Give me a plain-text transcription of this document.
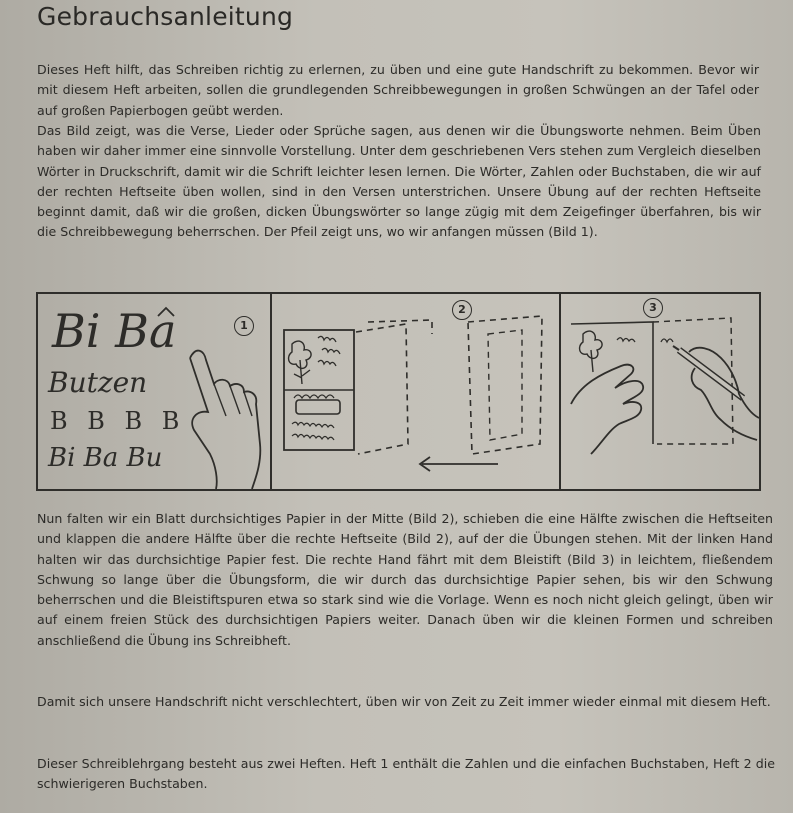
Gebrauchsanleitung

Dieses Heft hilft, das Schreiben richtig zu erlernen, zu üben und eine gute Handschrift zu bekommen. Bevor wir mit diesem Heft arbeiten, sollen die grundlegenden Schreibbewegungen in großen Schwüngen an der Tafel oder auf großen Papierbogen geübt werden.

Das Bild zeigt, was die Verse, Lieder oder Sprüche sagen, aus denen wir die Übungsworte nehmen. Beim Üben haben wir daher immer eine sinnvolle Vorstellung. Unter dem geschriebenen Vers stehen zum Vergleich dieselben Wörter in Druckschrift, damit wir die Schrift leichter lesen lernen. Die Wörter, Zahlen oder Buchstaben, die wir auf der rechten Heftseite üben wollen, sind in den Versen unterstrichen. Unsere Übung auf der rechten Heftseite beginnt damit, daß wir die großen, dicken Übungswörter so lange zügig mit dem Zeigefinger überfahren, bis wir die Schreibbewegung beherrschen. Der Pfeil zeigt uns, wo wir anfangen müssen (Bild 1).

Bi Ba
Butzen
B B B B
Bi Ba Bu
1
2	3

Nun falten wir ein Blatt durchsichtiges Papier in der Mitte (Bild 2), schieben die eine Hälfte zwischen die Heftseiten und klappen die andere Hälfte über die rechte Heftseite (Bild 2), auf der die Übungen stehen. Mit der linken Hand halten wir das durchsichtige Papier fest. Die rechte Hand fährt mit dem Bleistift (Bild 3) in leichtem, fließendem Schwung so lange über die Übungsform, die wir durch das durchsichtige Papier sehen, bis wir den Schwung beherrschen und die Bleistiftspuren etwa so stark sind wie die Vorlage. Wenn es noch nicht gleich gelingt, üben wir auf einem freien Stück des durchsichtigen Papiers weiter. Danach üben wir die kleinen Formen und schreiben anschließend die Übung ins Schreibheft.

Damit sich unsere Handschrift nicht verschlechtert, üben wir von Zeit zu Zeit immer wieder einmal mit diesem Heft.

Dieser Schreiblehrgang besteht aus zwei Heften. Heft 1 enthält die Zahlen und die einfachen Buchstaben, Heft 2 die schwierigeren Buchstaben.
